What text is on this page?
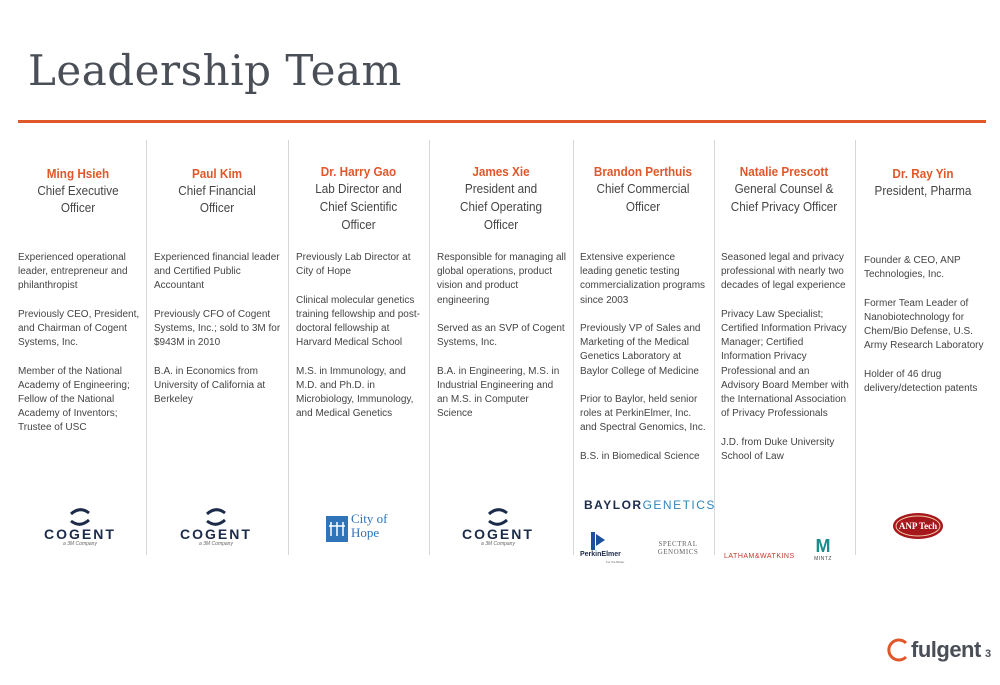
Leadership Team
Ming Hsieh
Chief Executive
Officer

Experienced operational leader, entrepreneur and philanthropist

Previously CEO, President, and Chairman of Cogent Systems, Inc.

Member of the National Academy of Engineering; Fellow of the National Academy of Inventors; Trustee of USC

Paul Kim
Chief Financial
Officer

Experienced financial leader and Certified Public Accountant

Previously CFO of Cogent Systems, Inc.; sold to 3M for $943M in 2010

B.A. in Economics from University of California at Berkeley

Dr. Harry Gao
Lab Director and
Chief Scientific
Officer

Previously Lab Director at City of Hope

Clinical molecular genetics training fellowship and post-doctoral fellowship at Harvard Medical School

M.S. in Immunology, and M.D. and Ph.D. in Microbiology, Immunology, and Medical Genetics

James Xie
President and
Chief Operating
Officer

Responsible for managing all global operations, product vision and product engineering

Served as an SVP of Cogent Systems, Inc.

B.A. in Engineering, M.S. in Industrial Engineering and an M.S. in Computer Science

Brandon Perthuis
Chief Commercial
Officer

Extensive experience leading genetic testing commercialization programs since 2003

Previously VP of Sales and Marketing of the Medical Genetics Laboratory at Baylor College of Medicine

Prior to Baylor, held senior roles at PerkinElmer, Inc. and Spectral Genomics, Inc.

B.S. in Biomedical Science

Natalie Prescott
General Counsel &
Chief Privacy Officer

Seasoned legal and privacy professional with nearly two decades of legal experience

Privacy Law Specialist; Certified Information Privacy Manager; Certified Information Privacy Professional and an Advisory Board Member with the International Association of Privacy Professionals

J.D. from Duke University School of Law

Dr. Ray Yin
President, Pharma

Founder & CEO, ANP Technologies, Inc.

Former Team Leader of Nanobiotechnology for Chem/Bio Defense, U.S. Army Research Laboratory

Holder of 46 drug delivery/detection patents

COGENT
a 3M Company
COGENT
a 3M Company
City of
Hope	COGENT
a 3M Company
BAYLORGENETICS
PerkinElmer
For the Better
SPECTRAL
GENOMICS
LATHAM&WATKINS
M
MINTZ
ANP Tech
fulgent 3
